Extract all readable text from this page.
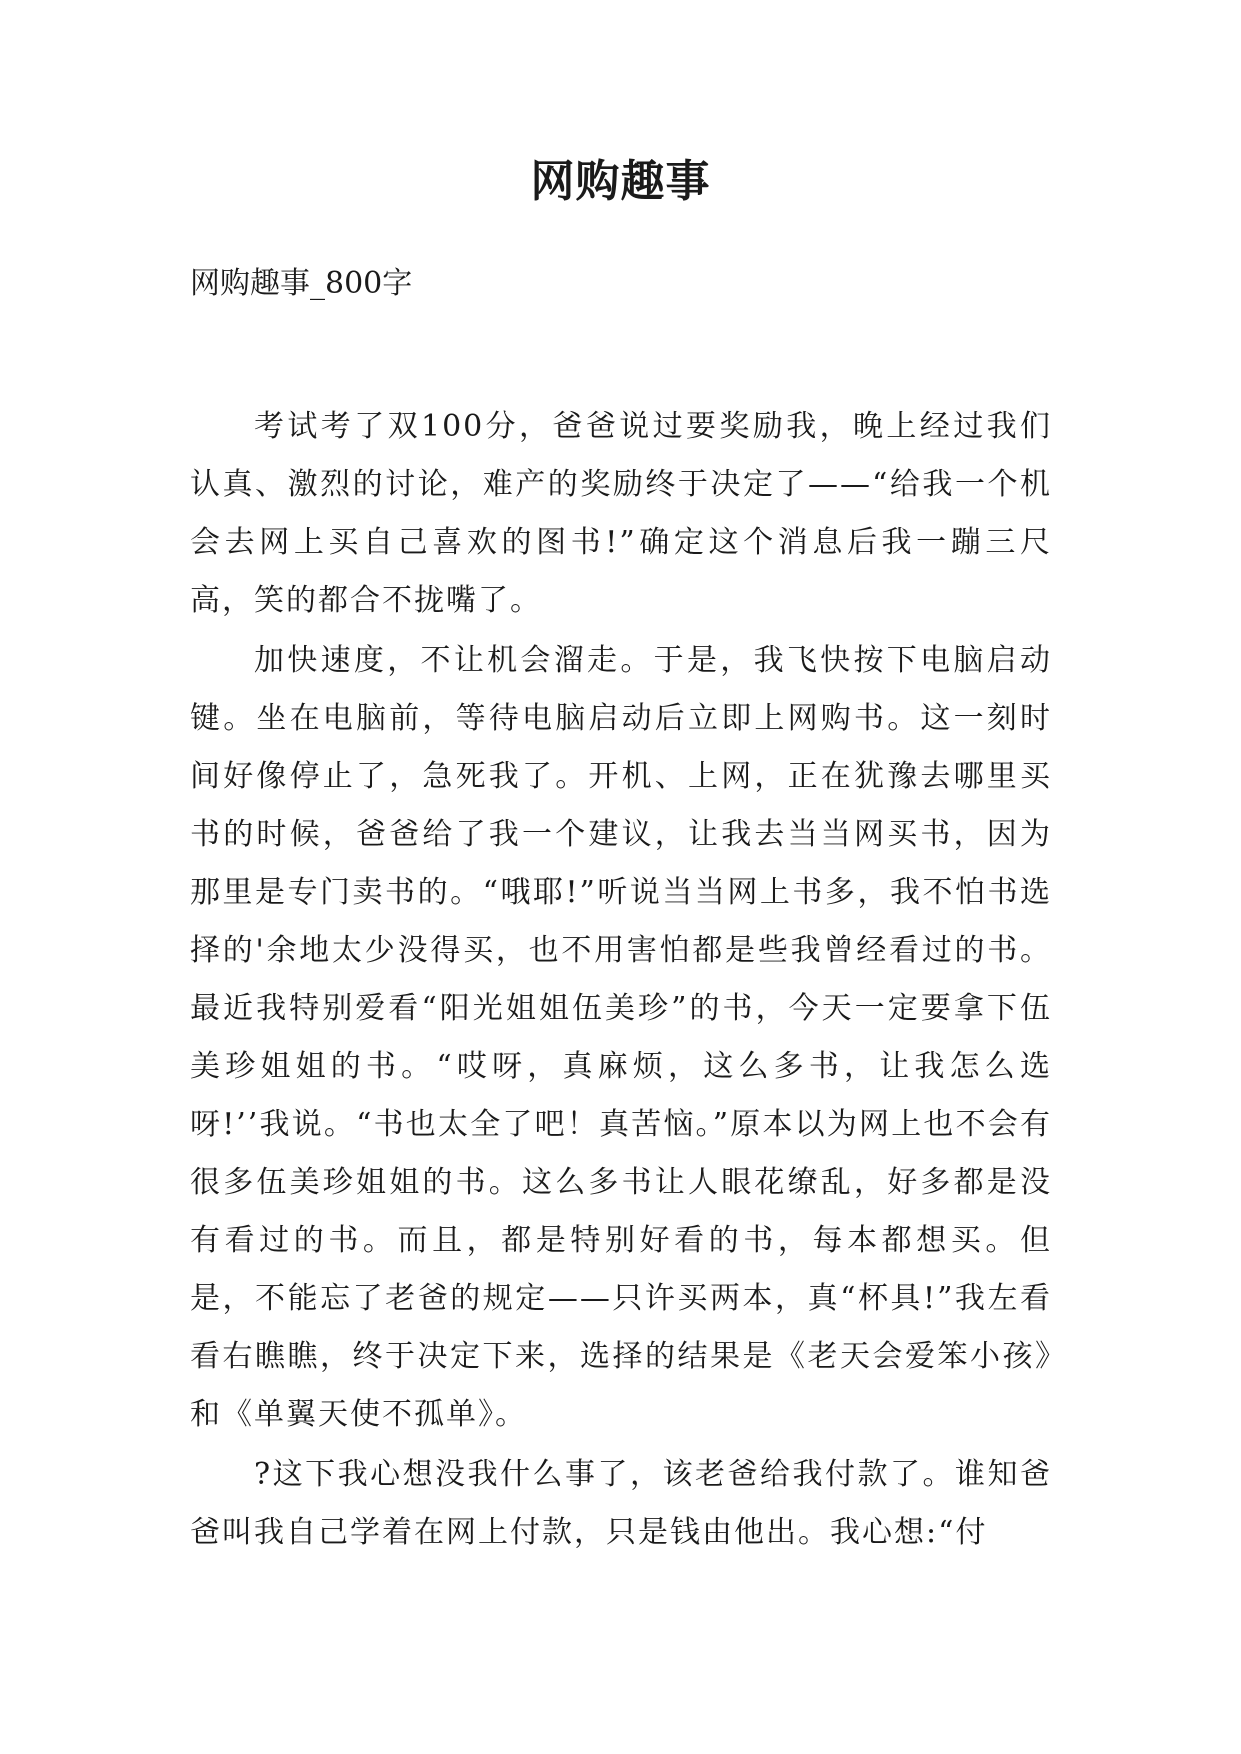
网购趣事
网购趣事_800字

考试考了双100分，爸爸说过要奖励我，晚上经过我们认真、激烈的讨论，难产的奖励终于决定了——“给我一个机会去网上买自己喜欢的图书!”确定这个消息后我一蹦三尺高，笑的都合不拢嘴了。

加快速度，不让机会溜走。于是，我飞快按下电脑启动键。坐在电脑前，等待电脑启动后立即上网购书。这一刻时间好像停止了，急死我了。开机、上网，正在犹豫去哪里买书的时候，爸爸给了我一个建议，让我去当当网买书，因为那里是专门卖书的。“哦耶!”听说当当网上书多，我不怕书选择的'余地太少没得买，也不用害怕都是些我曾经看过的书。最近我特别爱看“阳光姐姐伍美珍”的书，今天一定要拿下伍美珍姐姐的书。“哎呀，真麻烦，这么多书，让我怎么选呀!’’我说。“书也太全了吧！真苦恼。”原本以为网上也不会有很多伍美珍姐姐的书。这么多书让人眼花缭乱，好多都是没有看过的书。而且，都是特别好看的书，每本都想买。但是，不能忘了老爸的规定——只许买两本，真“杯具!”我左看看右瞧瞧，终于决定下来，选择的结果是《老天会爱笨小孩》和《单翼天使不孤单》。

?这下我心想没我什么事了，该老爸给我付款了。谁知爸爸叫我自己学着在网上付款，只是钱由他出。我心想:“付
